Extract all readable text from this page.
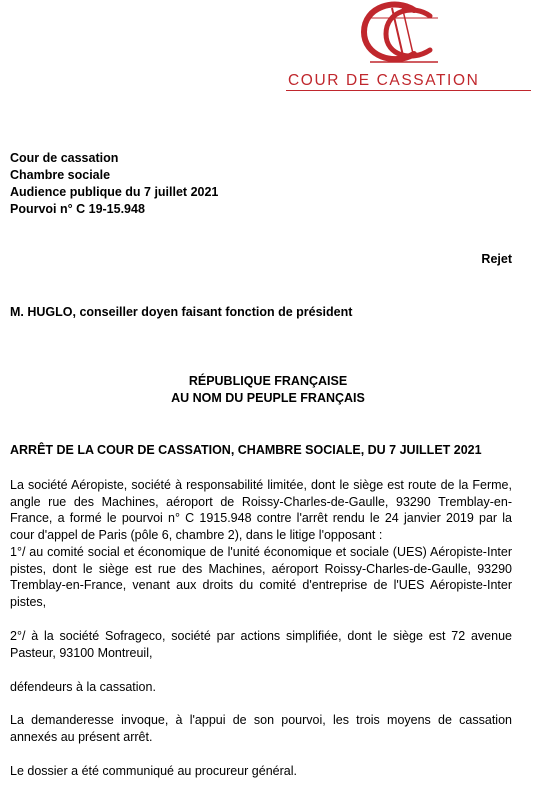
COUR DE CASSATION
Cour de cassation
Chambre sociale
Audience publique du 7 juillet 2021
Pourvoi n° C 19-15.948
Rejet
M. HUGLO, conseiller doyen faisant fonction de président
RÉPUBLIQUE FRANÇAISE
AU NOM DU PEUPLE FRANÇAIS
ARRÊT DE LA COUR DE CASSATION, CHAMBRE SOCIALE, DU 7 JUILLET 2021
La société Aéropiste, société à responsabilité limitée, dont le siège est route de la Ferme, angle rue des Machines, aéroport de Roissy-Charles-de-Gaulle, 93290 Tremblay-en-France, a formé le pourvoi n° C 1915.948 contre l'arrêt rendu le 24 janvier 2019 par la cour d'appel de Paris (pôle 6, chambre 2), dans le litige l'opposant :
1°/ au comité social et économique de l'unité économique et sociale (UES) Aéropiste-Inter pistes, dont le siège est rue des Machines, aéroport Roissy-Charles-de-Gaulle, 93290 Tremblay-en-France, venant aux droits du comité d'entreprise de l'UES Aéropiste-Inter pistes,
2°/ à la société Sofrageco, société par actions simplifiée, dont le siège est 72 avenue Pasteur, 93100 Montreuil,
défendeurs à la cassation.
La demanderesse invoque, à l'appui de son pourvoi, les trois moyens de cassation annexés au présent arrêt.
Le dossier a été communiqué au procureur général.
